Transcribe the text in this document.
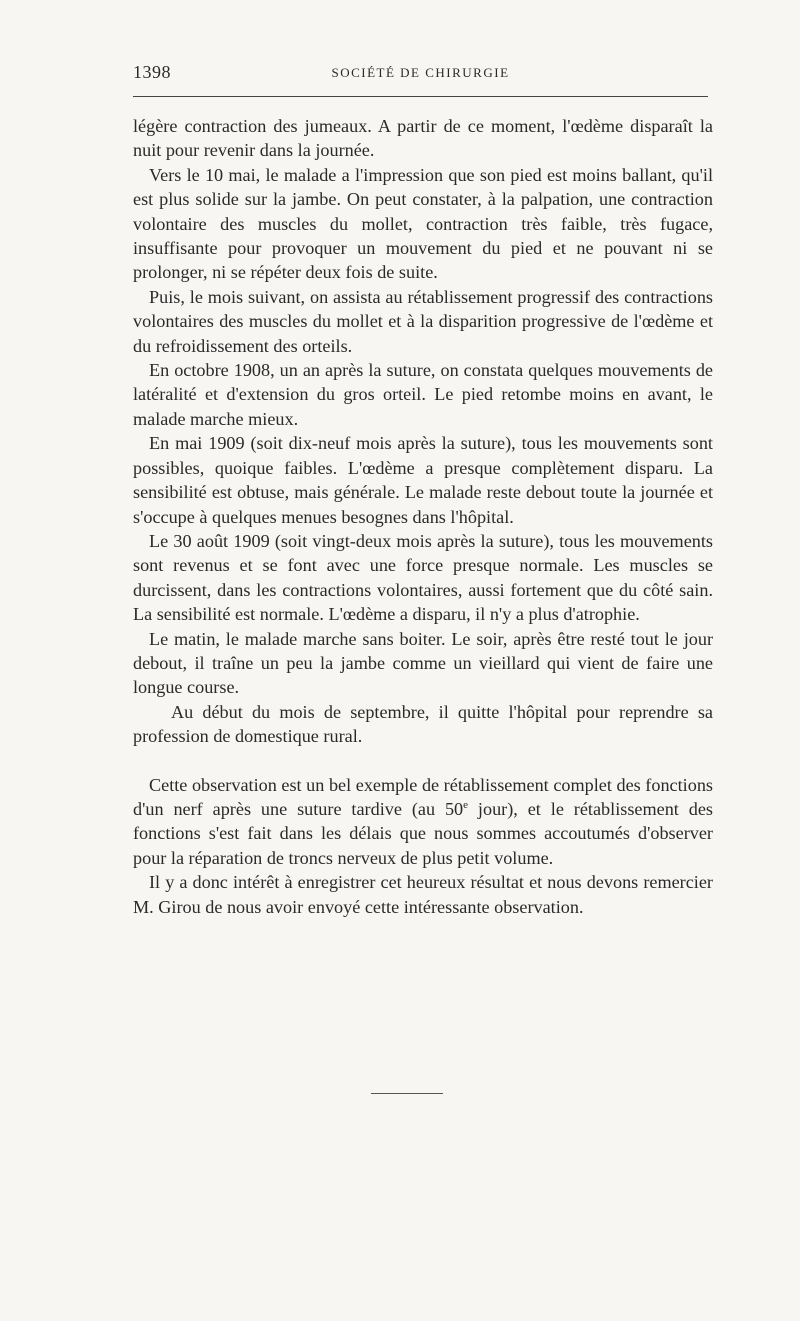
1398	SOCIÉTÉ DE CHIRURGIE

légère contraction des jumeaux. A partir de ce moment, l'œdème disparaît la nuit pour revenir dans la journée.

Vers le 10 mai, le malade a l'impression que son pied est moins ballant, qu'il est plus solide sur la jambe. On peut constater, à la palpation, une contraction volontaire des muscles du mollet, contraction très faible, très fugace, insuffisante pour provoquer un mouvement du pied et ne pouvant ni se prolonger, ni se répéter deux fois de suite.

Puis, le mois suivant, on assista au rétablissement progressif des contractions volontaires des muscles du mollet et à la disparition progressive de l'œdème et du refroidissement des orteils.

En octobre 1908, un an après la suture, on constata quelques mouvements de latéralité et d'extension du gros orteil. Le pied retombe moins en avant, le malade marche mieux.

En mai 1909 (soit dix-neuf mois après la suture), tous les mouvements sont possibles, quoique faibles. L'œdème a presque complètement disparu. La sensibilité est obtuse, mais générale. Le malade reste debout toute la journée et s'occupe à quelques menues besognes dans l'hôpital.

Le 30 août 1909 (soit vingt-deux mois après la suture), tous les mouvements sont revenus et se font avec une force presque normale. Les muscles se durcissent, dans les contractions volontaires, aussi fortement que du côté sain. La sensibilité est normale. L'œdème a disparu, il n'y a plus d'atrophie.

Le matin, le malade marche sans boiter. Le soir, après être resté tout le jour debout, il traîne un peu la jambe comme un vieillard qui vient de faire une longue course.

Au début du mois de septembre, il quitte l'hôpital pour reprendre sa profession de domestique rural.

Cette observation est un bel exemple de rétablissement complet des fonctions d'un nerf après une suture tardive (au 50e jour), et le rétablissement des fonctions s'est fait dans les délais que nous sommes accoutumés d'observer pour la réparation de troncs nerveux de plus petit volume.

Il y a donc intérêt à enregistrer cet heureux résultat et nous devons remercier M. Girou de nous avoir envoyé cette intéressante observation.
